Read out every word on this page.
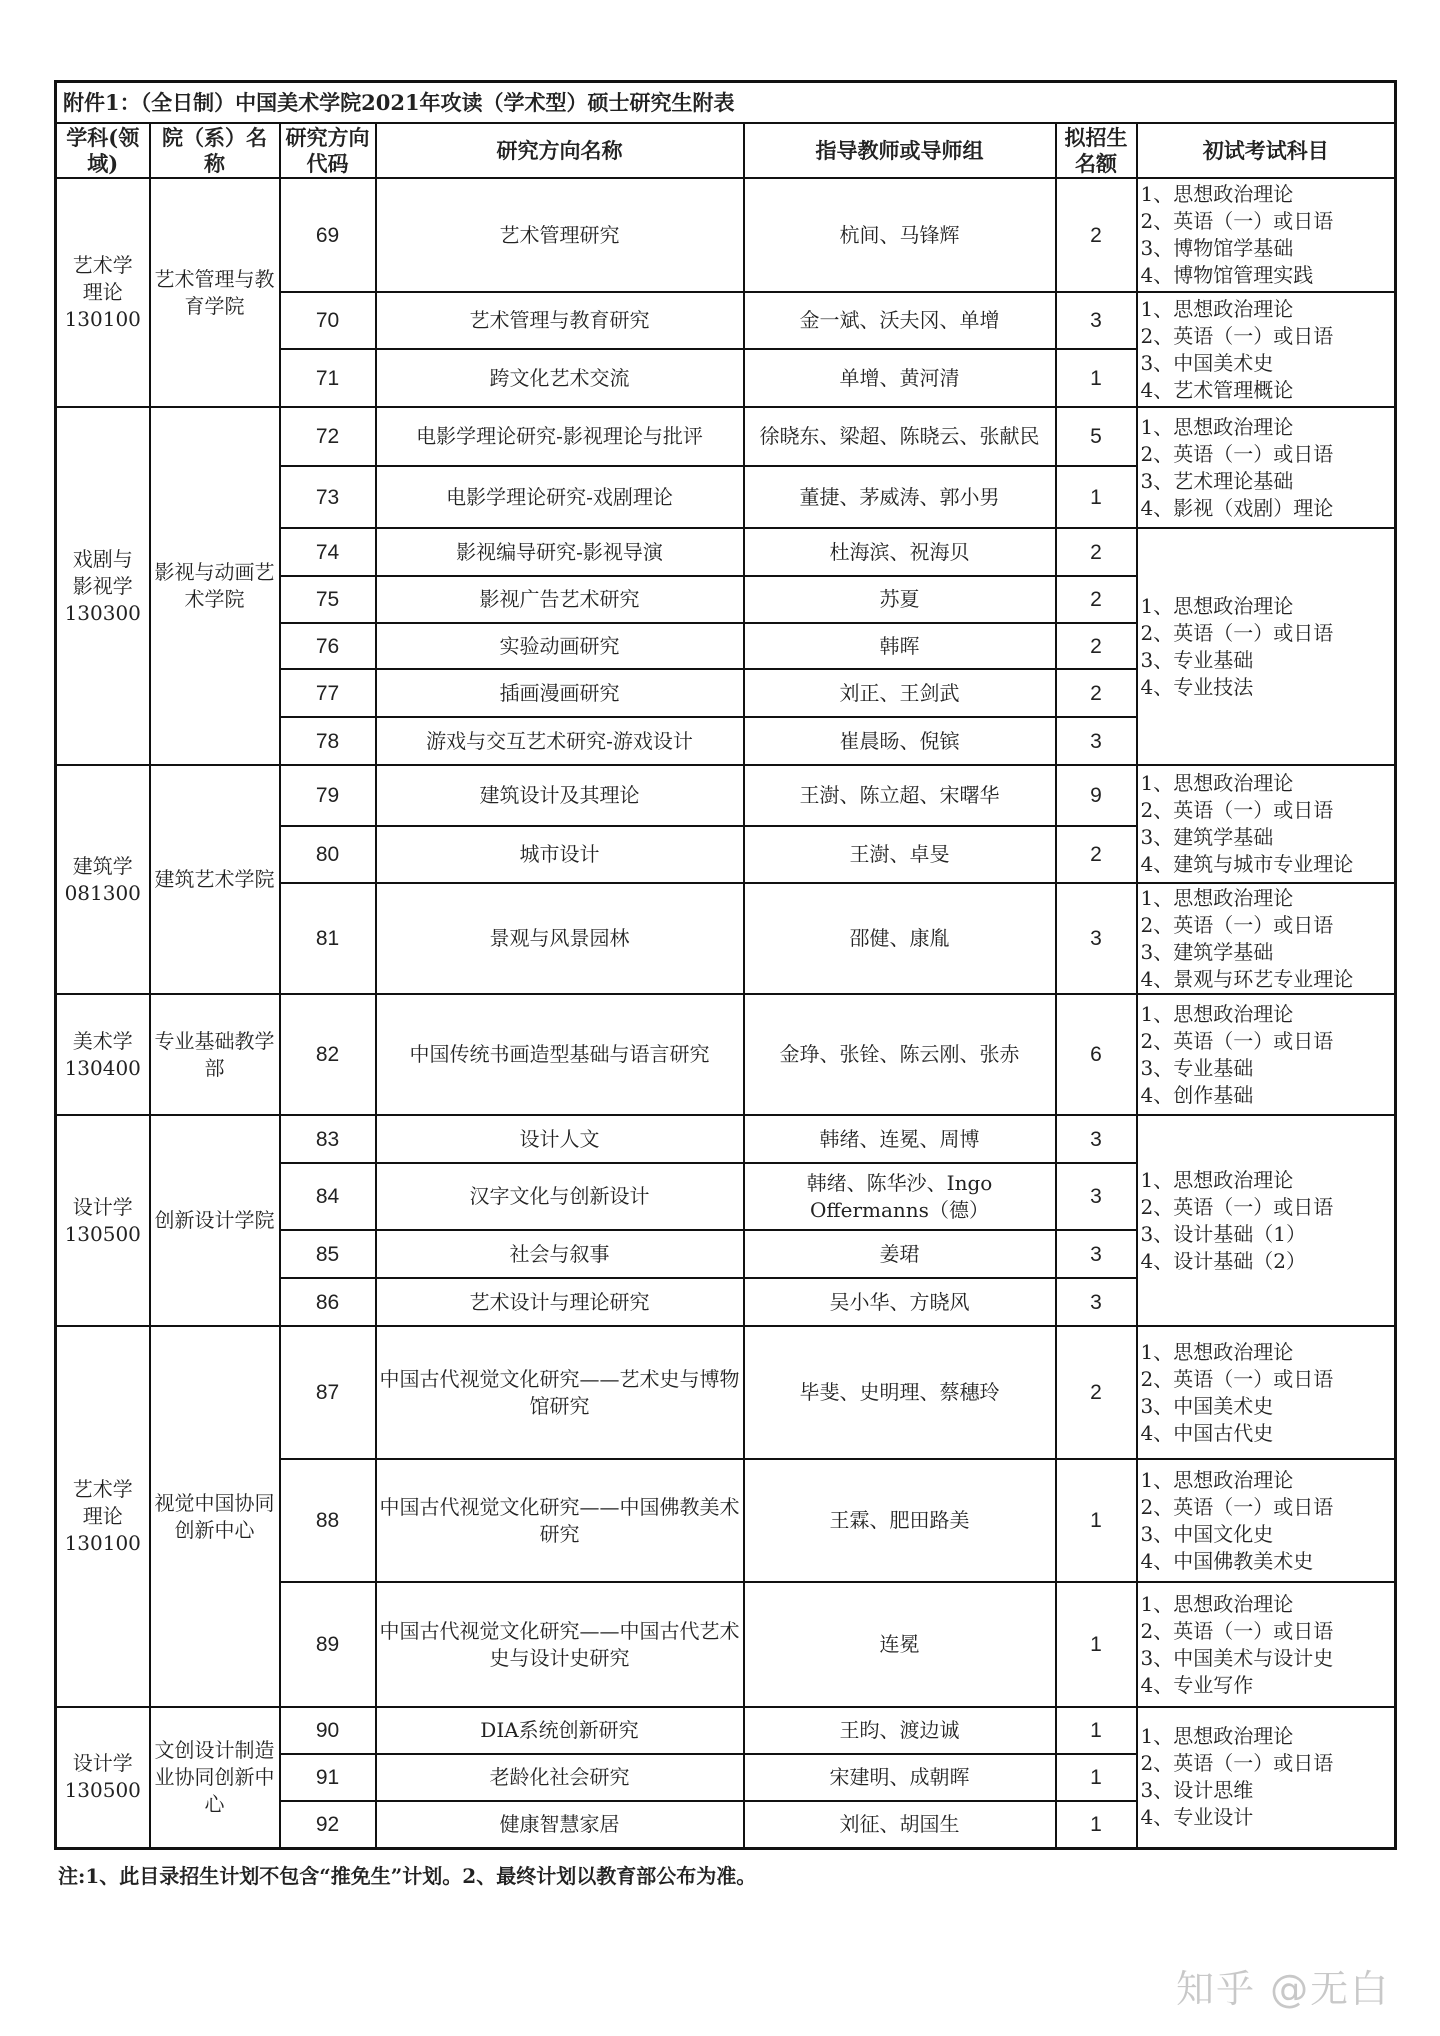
附件1：（全日制）中国美术学院2021年攻读（学术型）硕士研究生附表						
学科(领域)	院（系）名称	研究方向代码	研究方向名称	指导教师或导师组	拟招生名额	初试考试科目

艺术学
理论
130100	艺术管理与教育学院	69	艺术管理研究	杭间、马锋辉	2	1、思想政治理论
2、英语（一）或日语
3、博物馆学基础
4、博物馆管理实践

		70	艺术管理与教育研究	金一斌、沃夫冈、单增	3	1、思想政治理论
2、英语（一）或日语
3、中国美术史
4、艺术管理概论

		71	跨文化艺术交流	单增、黄河清	1	

戏剧与
影视学
130300	影视与动画艺术学院	72	电影学理论研究-影视理论与批评	徐晓东、梁超、陈晓云、张献民	5	1、思想政治理论
2、英语（一）或日语
3、艺术理论基础
4、影视（戏剧）理论

		73	电影学理论研究-戏剧理论	董捷、茅威涛、郭小男	1	
		74	影视编导研究-影视导演	杜海滨、祝海贝	2	1、思想政治理论
2、英语（一）或日语
3、专业基础
4、专业技法

		75	影视广告艺术研究	苏夏	2	
		76	实验动画研究	韩晖	2	
		77	插画漫画研究	刘正、王剑武	2	
		78	游戏与交互艺术研究-游戏设计	崔晨旸、倪镔	3	

建筑学
081300	建筑艺术学院	79	建筑设计及其理论	王澍、陈立超、宋曙华	9	1、思想政治理论
2、英语（一）或日语
3、建筑学基础
4、建筑与城市专业理论

		80	城市设计	王澍、卓旻	2	
		81	景观与风景园林	邵健、康胤	3	1、思想政治理论
2、英语（一）或日语
3、建筑学基础
4、景观与环艺专业理论

美术学
130400	专业基础教学部	82	中国传统书画造型基础与语言研究	金琤、张铨、陈云刚、张赤	6	1、思想政治理论
2、英语（一）或日语
3、专业基础
4、创作基础

设计学
130500	创新设计学院	83	设计人文	韩绪、连冕、周博	3	1、思想政治理论
2、英语（一）或日语
3、设计基础（1）
4、设计基础（2）

		84	汉字文化与创新设计	韩绪、陈华沙、Ingo Offermanns（德）	3	
		85	社会与叙事	姜珺	3	
		86	艺术设计与理论研究	吴小华、方晓风	3	

艺术学
理论
130100	视觉中国协同创新中心	87	中国古代视觉文化研究——艺术史与博物馆研究	毕斐、史明理、蔡穗玲	2	1、思想政治理论
2、英语（一）或日语
3、中国美术史
4、中国古代史

		88	中国古代视觉文化研究——中国佛教美术研究	王霖、肥田路美	1	1、思想政治理论
2、英语（一）或日语
3、中国文化史
4、中国佛教美术史

		89	中国古代视觉文化研究——中国古代艺术史与设计史研究	连冕	1	1、思想政治理论
2、英语（一）或日语
3、中国美术与设计史
4、专业写作

设计学
130500	文创设计制造业协同创新中心	90	DIA系统创新研究	王昀、渡边诚	1	1、思想政治理论
2、英语（一）或日语
3、设计思维
4、专业设计

		91	老龄化社会研究	宋建明、成朝晖	1	
		92	健康智慧家居	刘征、胡国生	1	
注:1、此目录招生计划不包含“推免生”计划。2、最终计划以教育部公布为准。
知乎 @无白
